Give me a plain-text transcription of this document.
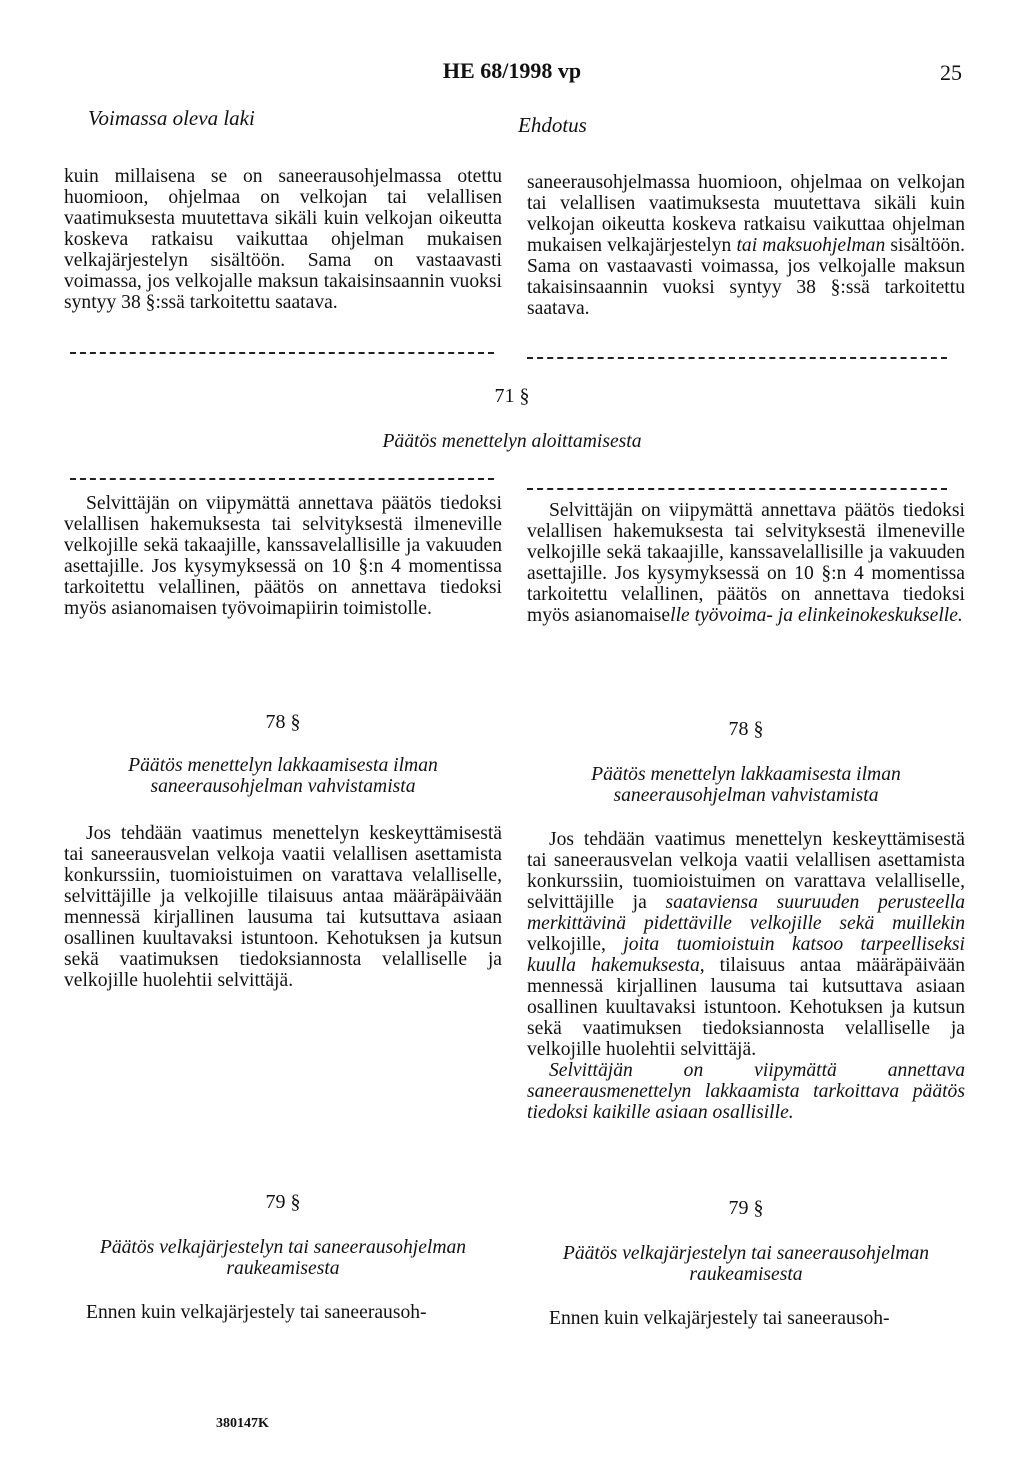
HE 68/1998 vp	25
Voimassa oleva laki	Ehdotus

kuin millaisena se on saneerausohjelmassa otettu huomioon, ohjelmaa on velkojan tai velallisen vaatimuksesta muutettava sikäli kuin velkojan oikeutta koskeva ratkaisu vaikuttaa ohjelman mukaisen velkajärjestelyn sisältöön. Sama on vastaavasti voimassa, jos velkojalle maksun takaisinsaannin vuoksi syntyy 38 §:ssä tarkoitettu saatava.

saneerausohjelmassa huomioon, ohjelmaa on velkojan tai velallisen vaatimuksesta muutettava sikäli kuin velkojan oikeutta koskeva ratkaisu vaikuttaa ohjelman mukaisen velkajärjestelyn tai maksuohjelman sisältöön. Sama on vastaavasti voimassa, jos velkojalle maksun takaisinsaannin vuoksi syntyy 38 §:ssä tarkoitettu saatava.

71 §
Päätös menettelyn aloittamisesta

Selvittäjän on viipymättä annettava päätös tiedoksi velallisen hakemuksesta tai selvityksestä ilmeneville velkojille sekä takaajille, kanssavelallisille ja vakuuden asettajille. Jos kysymyksessä on 10 §:n 4 momentissa tarkoitettu velallinen, päätös on annettava tiedoksi myös asianomaisen työvoimapiirin toimistolle.

Selvittäjän on viipymättä annettava päätös tiedoksi velallisen hakemuksesta tai selvityksestä ilmeneville velkojille sekä takaajille, kanssavelallisille ja vakuuden asettajille. Jos kysymyksessä on 10 §:n 4 momentissa tarkoitettu velallinen, päätös on annettava tiedoksi myös asianomaiselle työvoima- ja elinkeinokeskukselle.

78 §
Päätös menettelyn lakkaamisesta ilman saneerausohjelman vahvistamista
78 §
Päätös menettelyn lakkaamisesta ilman saneerausohjelman vahvistamista

Jos tehdään vaatimus menettelyn keskeyttämisestä tai saneerausvelan velkoja vaatii velallisen asettamista konkurssiin, tuomioistuimen on varattava velalliselle, selvittäjille ja velkojille tilaisuus antaa määräpäivään mennessä kirjallinen lausuma tai kutsuttava asiaan osallinen kuultavaksi istuntoon. Kehotuksen ja kutsun sekä vaatimuksen tiedoksiannosta velalliselle ja velkojille huolehtii selvittäjä.

Jos tehdään vaatimus menettelyn keskeyttämisestä tai saneerausvelan velkoja vaatii velallisen asettamista konkurssiin, tuomioistuimen on varattava velalliselle, selvittäjille ja saataviensa suuruuden perusteella merkittävinä pidettäville velkojille sekä muillekin velkojille, joita tuomioistuin katsoo tarpeelliseksi kuulla hakemuksesta, tilaisuus antaa määräpäivään mennessä kirjallinen lausuma tai kutsuttava asiaan osallinen kuultavaksi istuntoon. Kehotuksen ja kutsun sekä vaatimuksen tiedoksiannosta velalliselle ja velkojille huolehtii selvittäjä.

Selvittäjän on viipymättä annettava saneerausmenettelyn lakkaamista tarkoittava päätös tiedoksi kaikille asiaan osallisille.

79 §
Päätös velkajärjestelyn tai saneerausohjelman raukeamisesta
79 §
Päätös velkajärjestelyn tai saneerausohjelman raukeamisesta

Ennen kuin velkajärjestely tai saneerausoh-	Ennen kuin velkajärjestely tai saneerausoh-

380147K
